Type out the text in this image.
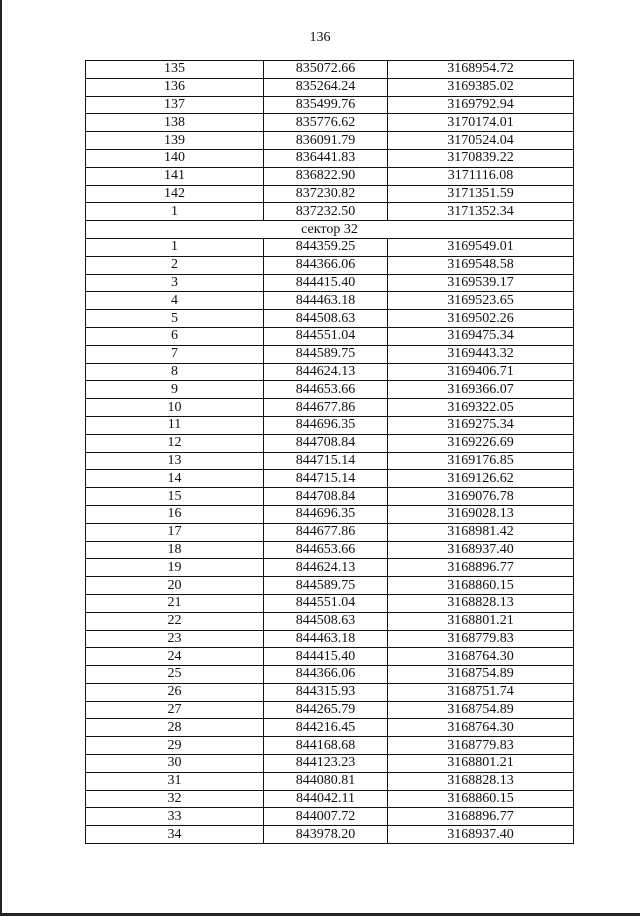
136
135	835072.66	3168954.72
136	835264.24	3169385.02
137	835499.76	3169792.94
138	835776.62	3170174.01
139	836091.79	3170524.04
140	836441.83	3170839.22
141	836822.90	3171116.08
142	837230.82	3171351.59
1	837232.50	3171352.34
сектор 32		
1	844359.25	3169549.01
2	844366.06	3169548.58
3	844415.40	3169539.17
4	844463.18	3169523.65
5	844508.63	3169502.26
6	844551.04	3169475.34
7	844589.75	3169443.32
8	844624.13	3169406.71
9	844653.66	3169366.07
10	844677.86	3169322.05
11	844696.35	3169275.34
12	844708.84	3169226.69
13	844715.14	3169176.85
14	844715.14	3169126.62
15	844708.84	3169076.78
16	844696.35	3169028.13
17	844677.86	3168981.42
18	844653.66	3168937.40
19	844624.13	3168896.77
20	844589.75	3168860.15
21	844551.04	3168828.13
22	844508.63	3168801.21
23	844463.18	3168779.83
24	844415.40	3168764.30
25	844366.06	3168754.89
26	844315.93	3168751.74
27	844265.79	3168754.89
28	844216.45	3168764.30
29	844168.68	3168779.83
30	844123.23	3168801.21
31	844080.81	3168828.13
32	844042.11	3168860.15
33	844007.72	3168896.77
34	843978.20	3168937.40
